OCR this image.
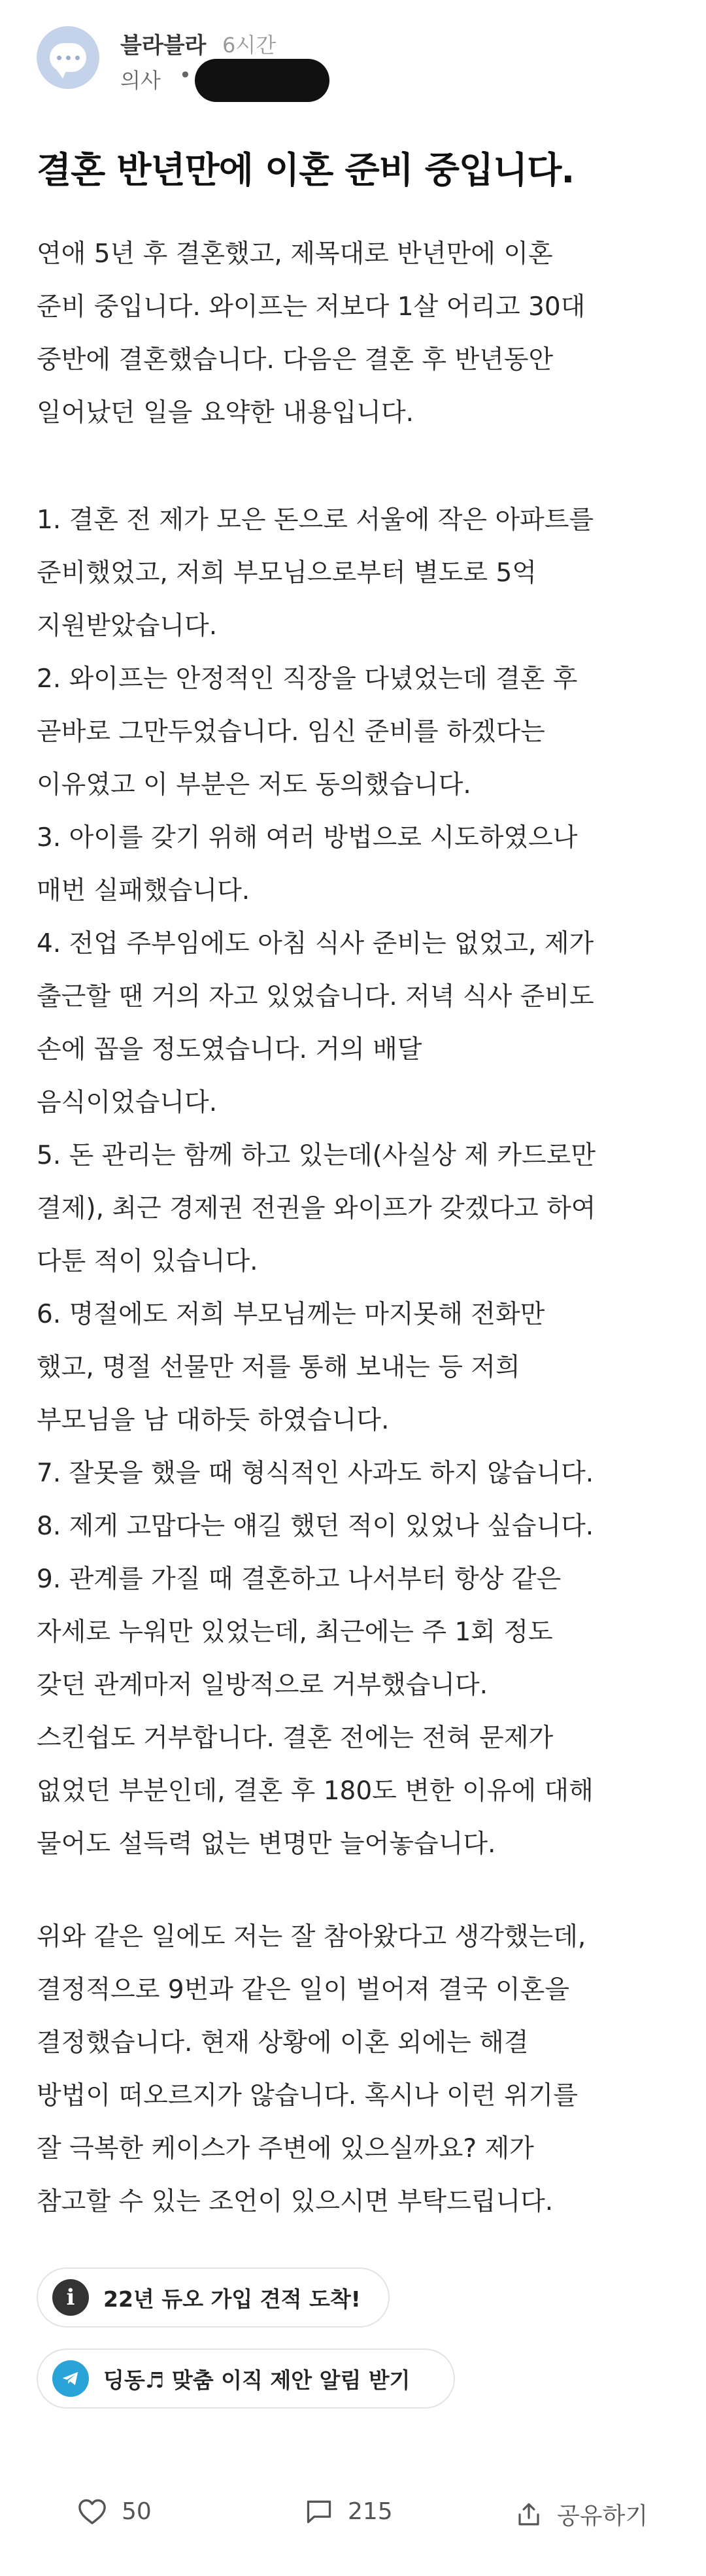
블라블라 6시간
의사 •
결혼 반년만에 이혼 준비 중입니다.
연애 5년 후 결혼했고, 제목대로 반년만에 이혼
준비 중입니다. 와이프는 저보다 1살 어리고 30대
중반에 결혼했습니다. 다음은 결혼 후 반년동안
일어났던 일을 요약한 내용입니다.
1. 결혼 전 제가 모은 돈으로 서울에 작은 아파트를
준비했었고, 저희 부모님으로부터 별도로 5억
지원받았습니다.
2. 와이프는 안정적인 직장을 다녔었는데 결혼 후
곧바로 그만두었습니다. 임신 준비를 하겠다는
이유였고 이 부분은 저도 동의했습니다.
3. 아이를 갖기 위해 여러 방법으로 시도하였으나
매번 실패했습니다.
4. 전업 주부임에도 아침 식사 준비는 없었고, 제가
출근할 땐 거의 자고 있었습니다. 저녁 식사 준비도
손에 꼽을 정도였습니다. 거의 배달
음식이었습니다.
5. 돈 관리는 함께 하고 있는데(사실상 제 카드로만
결제), 최근 경제권 전권을 와이프가 갖겠다고 하여
다툰 적이 있습니다.
6. 명절에도 저희 부모님께는 마지못해 전화만
했고, 명절 선물만 저를 통해 보내는 등 저희
부모님을 남 대하듯 하였습니다.
7. 잘못을 했을 때 형식적인 사과도 하지 않습니다.
8. 제게 고맙다는 얘길 했던 적이 있었나 싶습니다.
9. 관계를 가질 때 결혼하고 나서부터 항상 같은
자세로 누워만 있었는데, 최근에는 주 1회 정도
갖던 관계마저 일방적으로 거부했습니다.
스킨쉽도 거부합니다. 결혼 전에는 전혀 문제가
없었던 부분인데, 결혼 후 180도 변한 이유에 대해
물어도 설득력 없는 변명만 늘어놓습니다.
위와 같은 일에도 저는 잘 참아왔다고 생각했는데,
결정적으로 9번과 같은 일이 벌어져 결국 이혼을
결정했습니다. 현재 상황에 이혼 외에는 해결
방법이 떠오르지가 않습니다. 혹시나 이런 위기를
잘 극복한 케이스가 주변에 있으실까요? 제가
참고할 수 있는 조언이 있으시면 부탁드립니다.
i	22년 듀오 가입 견적 도착!
딩동♬ 맞춤 이직 제안 알림 받기
50	215	공유하기
